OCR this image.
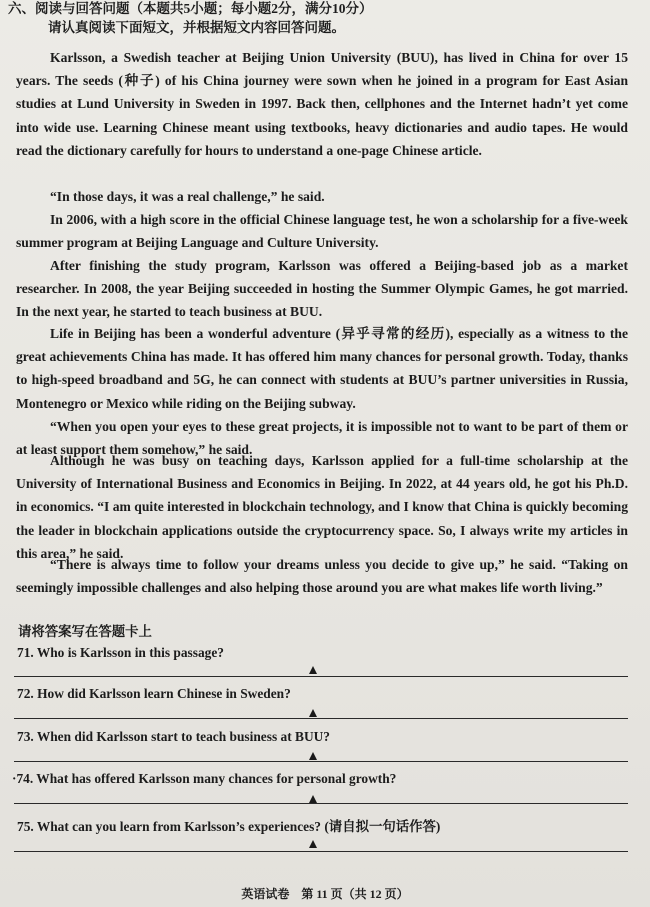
六、阅读与回答问题（本题共5小题；每小题2分，满分10分）
请认真阅读下面短文，并根据短文内容回答问题。
Karlsson, a Swedish teacher at Beijing Union University (BUU), has lived in China for over 15 years. The seeds (种子) of his China journey were sown when he joined in a program for East Asian studies at Lund University in Sweden in 1997. Back then, cellphones and the Internet hadn’t yet come into wide use. Learning Chinese meant using textbooks, heavy dictionaries and audio tapes. He would read the dictionary carefully for hours to understand a one-page Chinese article.
“In those days, it was a real challenge,” he said.
In 2006, with a high score in the official Chinese language test, he won a scholarship for a five-week summer program at Beijing Language and Culture University.
After finishing the study program, Karlsson was offered a Beijing-based job as a market researcher. In 2008, the year Beijing succeeded in hosting the Summer Olympic Games, he got married. In the next year, he started to teach business at BUU.
Life in Beijing has been a wonderful adventure (异乎寻常的经历), especially as a witness to the great achievements China has made. It has offered him many chances for personal growth. Today, thanks to high-speed broadband and 5G, he can connect with students at BUU’s partner universities in Russia, Montenegro or Mexico while riding on the Beijing subway.
“When you open your eyes to these great projects, it is impossible not to want to be part of them or at least support them somehow,” he said.
Although he was busy on teaching days, Karlsson applied for a full-time scholarship at the University of International Business and Economics in Beijing. In 2022, at 44 years old, he got his Ph.D. in economics. “I am quite interested in blockchain technology, and I know that China is quickly becoming the leader in blockchain applications outside the cryptocurrency space. So, I always write my articles in this area,” he said.
“There is always time to follow your dreams unless you decide to give up,” he said. “Taking on seemingly impossible challenges and also helping those around you are what makes life worth living.”
请将答案写在答题卡上
71. Who is Karlsson in this passage?
72. How did Karlsson learn Chinese in Sweden?
73. When did Karlsson start to teach business at BUU?
·74. What has offered Karlsson many chances for personal growth?
75. What can you learn from Karlsson’s experiences? (请自拟一句话作答)
英语试卷　第 11 页（共 12 页）
